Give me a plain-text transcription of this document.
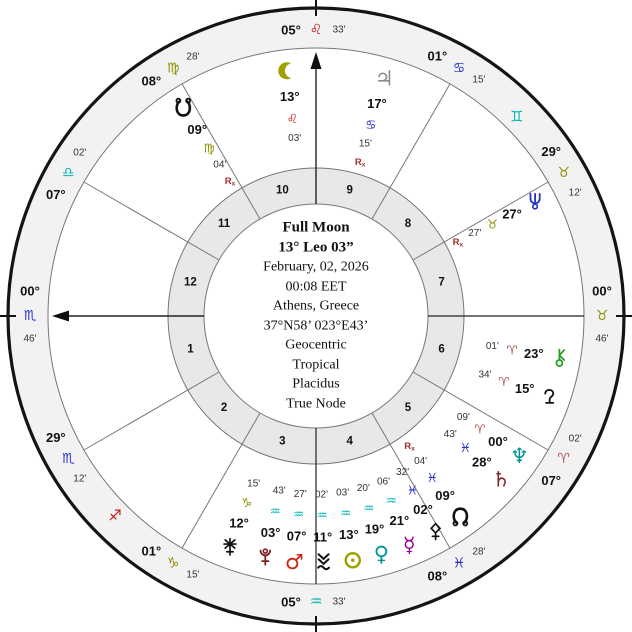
00°
♏
46'
29°
♏
12'
01°
♑
15'
05° ♒ 33'
08°
♓
28'
07°
♈
02'
00°
♉
46'
29°
♉
12'
01°
♋
15'
05° ♌ 33'
08°
♍
28'
07°
♎
02'
♐
♊
1
2
3	4
5
6
7
8
9
10
11
12
♃
17°
♋
15'
$R_x$
27°
♉
27'
$R_x$
23°
♈
01'
15°
♈
34'
♆
00°
♈
09'
♄
28°
♓
43'
09°
♓
04'
$R_x$
02°
♓
32'
☿
21°
♒
06'
♀
19°
♒
20'
13°
♒
03'
11°
♒
02'
♂
07°
♒
27'
03°
♒
43'
12°
♑
15'
09°
♍
04'
$R_x$
13°
♌
03'
Full Moon
13° Leo 03”
February, 02, 2026
00:08 EET
Athens, Greece
37°N58’ 023°E43’
Geocentric
Tropical
Placidus
True Node
